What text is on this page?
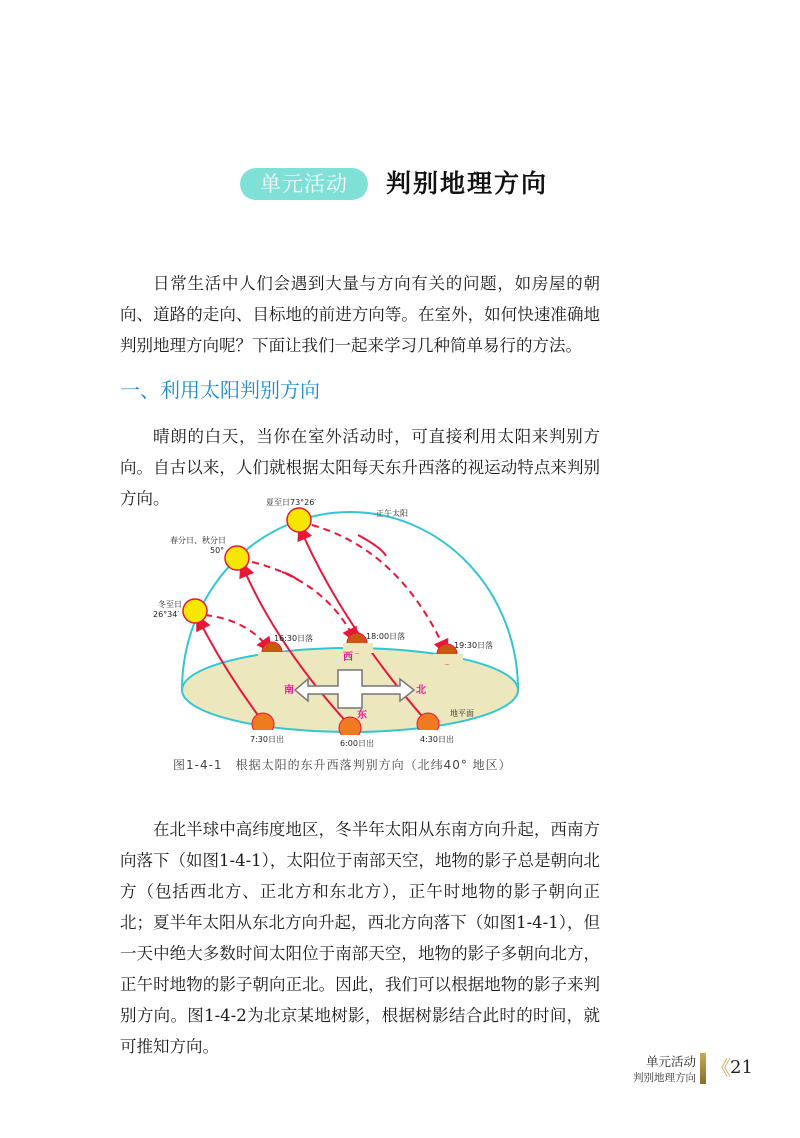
单元活动	判别地理方向

日常生活中人们会遇到大量与方向有关的问题，如房屋的朝向、道路的走向、目标地的前进方向等。在室外，如何快速准确地判别地理方向呢？下面让我们一起来学习几种简单易行的方法。

一、利用太阳判别方向

晴朗的白天，当你在室外活动时，可直接利用太阳来判别方向。自古以来，人们就根据太阳每天东升西落的视运动特点来判别方向。	夏至日73°26′
正午太阳
春分日、秋分日
50°
冬至日
26°34′
16:30日落	18:00日落
19:30日落
西
南	北
东	地平面
7:30日出	6:00日出	4:30日出
图1-4-1　根据太阳的东升西落判别方向（北纬40° 地区）

在北半球中高纬度地区，冬半年太阳从东南方向升起，西南方向落下（如图1-4-1），太阳位于南部天空，地物的影子总是朝向北方（包括西北方、正北方和东北方），正午时地物的影子朝向正北；夏半年太阳从东北方向升起，西北方向落下（如图1-4-1），但一天中绝大多数时间太阳位于南部天空，地物的影子多朝向北方，正午时地物的影子朝向正北。因此，我们可以根据地物的影子来判别方向。图1-4-2为北京某地树影，根据树影结合此时的时间，就可推知方向。

单元活动
判别地理方向 《 21
